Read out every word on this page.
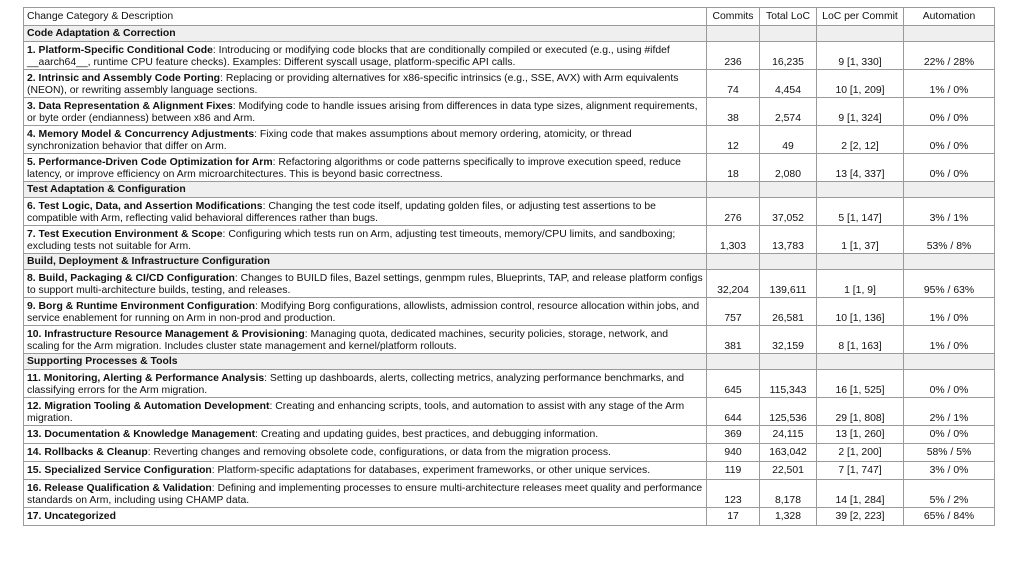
Change Category & Description	Commits	Total LoC	LoC per Commit	Automation
Code Adaptation & Correction				
1. Platform-Specific Conditional Code: Introducing or modifying code blocks that are conditionally compiled or executed (e.g., using #ifdef __aarch64__, runtime CPU feature checks). Examples: Different syscall usage, platform-specific API calls.	236	16,235	9 [1, 330]	22% / 28%
2. Intrinsic and Assembly Code Porting: Replacing or providing alternatives for x86-specific intrinsics (e.g., SSE, AVX) with Arm equivalents (NEON), or rewriting assembly language sections.	74	4,454	10 [1, 209]	1% / 0%
3. Data Representation & Alignment Fixes: Modifying code to handle issues arising from differences in data type sizes, alignment requirements, or byte order (endianness) between x86 and Arm.	38	2,574	9 [1, 324]	0% / 0%
4. Memory Model & Concurrency Adjustments: Fixing code that makes assumptions about memory ordering, atomicity, or thread synchronization behavior that differ on Arm.	12	49	2 [2, 12]	0% / 0%
5. Performance-Driven Code Optimization for Arm: Refactoring algorithms or code patterns specifically to improve execution speed, reduce latency, or improve efficiency on Arm microarchitectures. This is beyond basic correctness.	18	2,080	13 [4, 337]	0% / 0%
Test Adaptation & Configuration				
6. Test Logic, Data, and Assertion Modifications: Changing the test code itself, updating golden files, or adjusting test assertions to be compatible with Arm, reflecting valid behavioral differences rather than bugs.	276	37,052	5 [1, 147]	3% / 1%
7. Test Execution Environment & Scope: Configuring which tests run on Arm, adjusting test timeouts, memory/CPU limits, and sandboxing; excluding tests not suitable for Arm.	1,303	13,783	1 [1, 37]	53% / 8%
Build, Deployment & Infrastructure Configuration				
8. Build, Packaging & CI/CD Configuration: Changes to BUILD files, Bazel settings, genmpm rules, Blueprints, TAP, and release platform configs to support multi-architecture builds, testing, and releases.	32,204	139,611	1 [1, 9]	95% / 63%
9. Borg & Runtime Environment Configuration: Modifying Borg configurations, allowlists, admission control, resource allocation within jobs, and service enablement for running on Arm in non-prod and production.	757	26,581	10 [1, 136]	1% / 0%
10. Infrastructure Resource Management & Provisioning: Managing quota, dedicated machines, security policies, storage, network, and scaling for the Arm migration. Includes cluster state management and kernel/platform rollouts.	381	32,159	8 [1, 163]	1% / 0%
Supporting Processes & Tools				
11. Monitoring, Alerting & Performance Analysis: Setting up dashboards, alerts, collecting metrics, analyzing performance benchmarks, and classifying errors for the Arm migration.	645	115,343	16 [1, 525]	0% / 0%
12. Migration Tooling & Automation Development: Creating and enhancing scripts, tools, and automation to assist with any stage of the Arm migration.	644	125,536	29 [1, 808]	2% / 1%
13. Documentation & Knowledge Management: Creating and updating guides, best practices, and debugging information.	369	24,115	13 [1, 260]	0% / 0%
14. Rollbacks & Cleanup: Reverting changes and removing obsolete code, configurations, or data from the migration process.	940	163,042	2 [1, 200]	58% / 5%
15. Specialized Service Configuration: Platform-specific adaptations for databases, experiment frameworks, or other unique services.	119	22,501	7 [1, 747]	3% / 0%
16. Release Qualification & Validation: Defining and implementing processes to ensure multi-architecture releases meet quality and performance standards on Arm, including using CHAMP data.	123	8,178	14 [1, 284]	5% / 2%
17. Uncategorized	17	1,328	39 [2, 223]	65% / 84%
